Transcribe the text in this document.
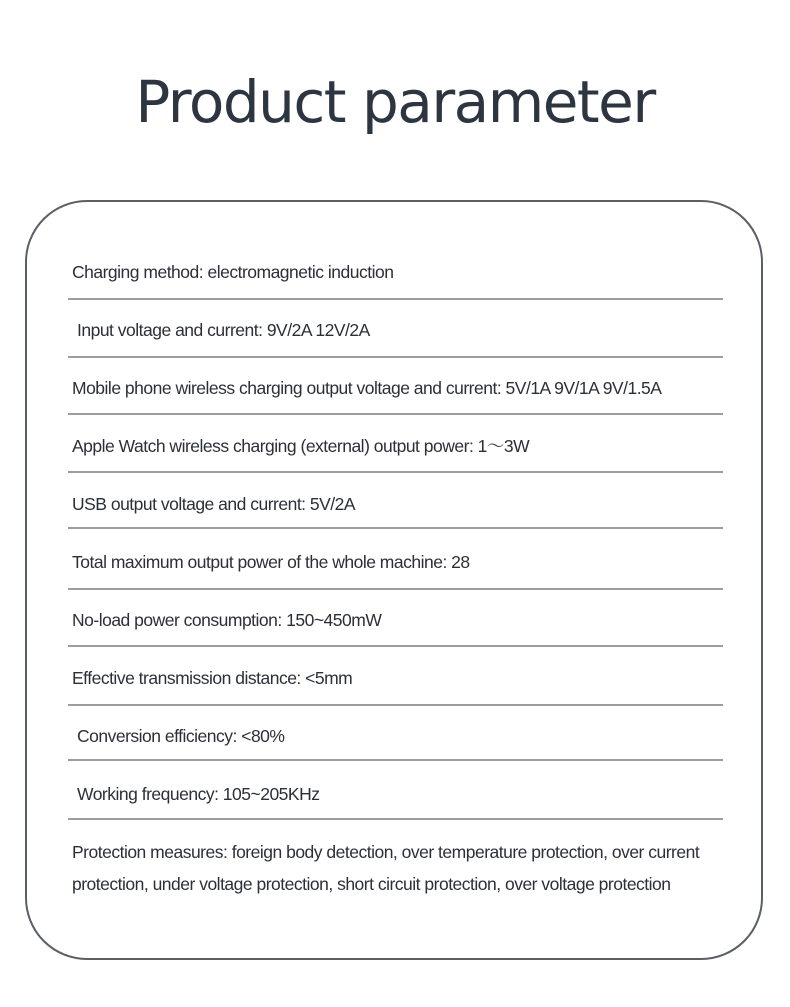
Product parameter
Charging method: electromagnetic induction
Input voltage and current: 9V/2A 12V/2A
Mobile phone wireless charging output voltage and current: 5V/1A 9V/1A 9V/1.5A
Apple Watch wireless charging (external) output power: 1～3W
USB output voltage and current: 5V/2A
Total maximum output power of the whole machine: 28
No-load power consumption: 150~450mW
Effective transmission distance: <5mm
Conversion efficiency: <80%
Working frequency: 105~205KHz
Protection measures: foreign body detection, over temperature protection, over current protection, under voltage protection, short circuit protection, over voltage protection
